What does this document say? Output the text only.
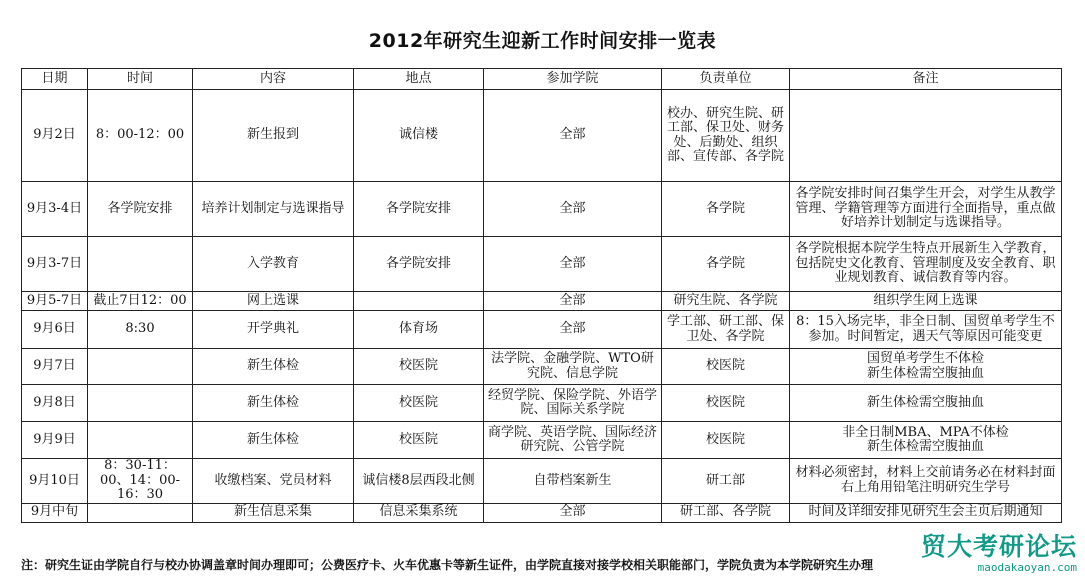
2012年研究生迎新工作时间安排一览表
日期	时间	内容	地点	参加学院	负责单位	备注
9月2日	8：00-12：00	新生报到	诚信楼	全部	校办、研究生院、研工部、保卫处、财务处、后勤处、组织部、宣传部、各学院	
9月3-4日	各学院安排	培养计划制定与选课指导	各学院安排	全部	各学院	各学院安排时间召集学生开会，对学生从教学管理、学籍管理等方面进行全面指导，重点做好培养计划制定与选课指导。
9月3-7日		入学教育	各学院安排	全部	各学院	各学院根据本院学生特点开展新生入学教育，包括院史文化教育、管理制度及安全教育、职业规划教育、诚信教育等内容。
9月5-7日	截止7日12：00	网上选课		全部	研究生院、各学院	组织学生网上选课
9月6日	8:30	开学典礼	体育场	全部	学工部、研工部、保卫处、各学院	8：15入场完毕，非全日制、国贸单考学生不参加。时间暂定，遇天气等原因可能变更
9月7日		新生体检	校医院	法学院、金融学院、WTO研究院、信息学院	校医院	国贸单考学生不体检
新生体检需空腹抽血
9月8日		新生体检	校医院	经贸学院、保险学院、外语学院、国际关系学院	校医院	新生体检需空腹抽血
9月9日		新生体检	校医院	商学院、英语学院、国际经济研究院、公管学院	校医院	非全日制MBA、MPA不体检
新生体检需空腹抽血
9月10日	8：30-11：00、14：00-16：30	收缴档案、党员材料	诚信楼8层西段北侧	自带档案新生	研工部	材料必须密封，材料上交前请务必在材料封面右上角用铅笔注明研究生学号
9月中旬		新生信息采集	信息采集系统	全部	研工部、各学院	时间及详细安排见研究生会主页后期通知
注：研究生证由学院自行与校办协调盖章时间办理即可；公费医疗卡、火车优惠卡等新生证件，由学院直接对接学校相关职能部门，学院负责为本学院研究生办理
贸大考研论坛
maodakaoyan.com
